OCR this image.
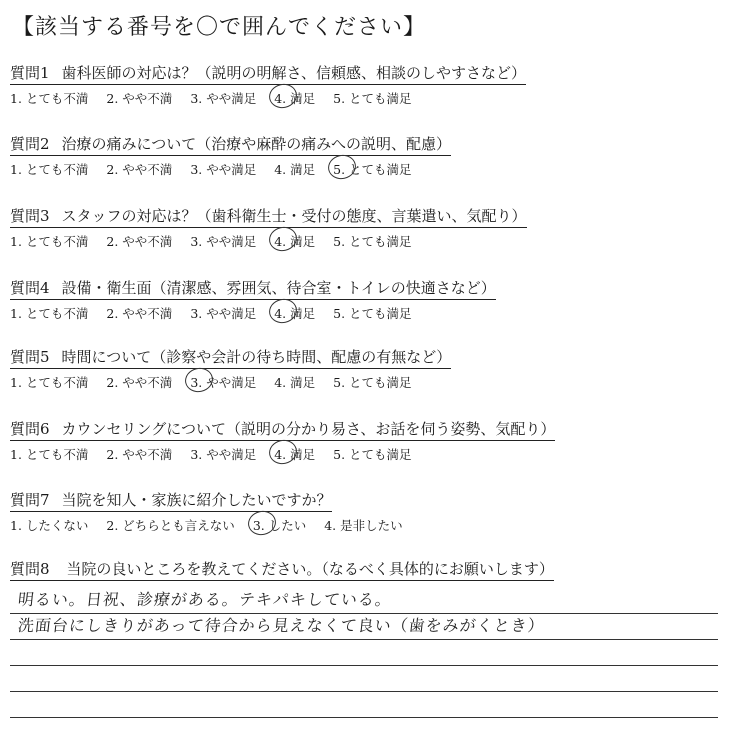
【該当する番号を〇で囲んでください】
質問1 歯科医師の対応は？（説明の明解さ、信頼感、相談のしやすさなど）
1. とても不満 2. やや不満 3. やや満足 4. 満足 5. とても満足
質問2 治療の痛みについて（治療や麻酔の痛みへの説明、配慮）
1. とても不満 2. やや不満 3. やや満足 4. 満足 5. とても満足
質問3 スタッフの対応は？（歯科衛生士・受付の態度、言葉遣い、気配り）
1. とても不満 2. やや不満 3. やや満足 4. 満足 5. とても満足
質問4 設備・衛生面（清潔感、雰囲気、待合室・トイレの快適さなど）
1. とても不満 2. やや不満 3. やや満足 4. 満足 5. とても満足
質問5 時間について（診察や会計の待ち時間、配慮の有無など）
1. とても不満 2. やや不満 3. やや満足 4. 満足 5. とても満足
質問6 カウンセリングについて（説明の分かり易さ、お話を伺う姿勢、気配り）
1. とても不満 2. やや不満 3. やや満足 4. 満足 5. とても満足
質問7 当院を知人・家族に紹介したいですか？
1. したくない 2. どちらとも言えない 3. したい 4. 是非したい
質問8 当院の良いところを教えてください。（なるべく具体的にお願いします）
明るい。日祝、診療がある。テキパキしている。
洗面台にしきりがあって待合から見えなくて良い（歯をみがくとき）
